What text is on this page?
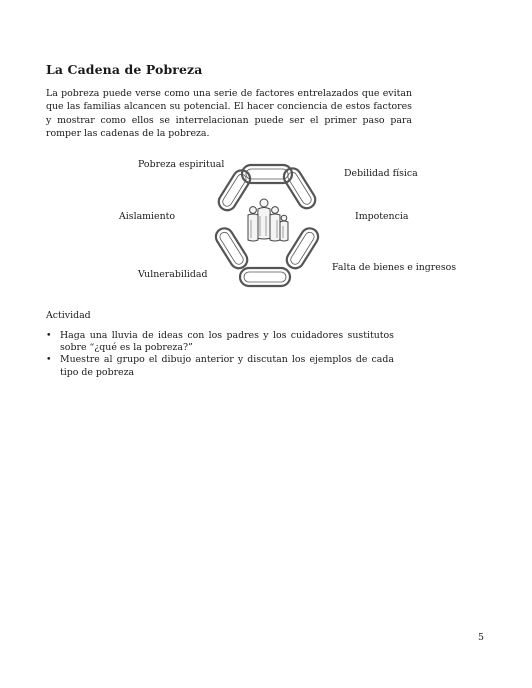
La Cadena de Pobreza

La pobreza puede verse como una serie de factores entrelazados que evitan que las familias alcancen su potencial. El hacer conciencia de estos factores y mostrar como ellos se interrelacionan puede ser el primer paso para romper las cadenas de la pobreza.

Pobreza espiritual
Debilidad física
Aislamiento	Impotencia
Vulnerabilidad
Falta de bienes e ingresos

Actividad

• Haga una lluvia de ideas con los padres y los cuidadores sustitutos sobre “¿qué es la pobreza?”
• Muestre al grupo el dibujo anterior y discutan los ejemplos de cada tipo de pobreza
5
